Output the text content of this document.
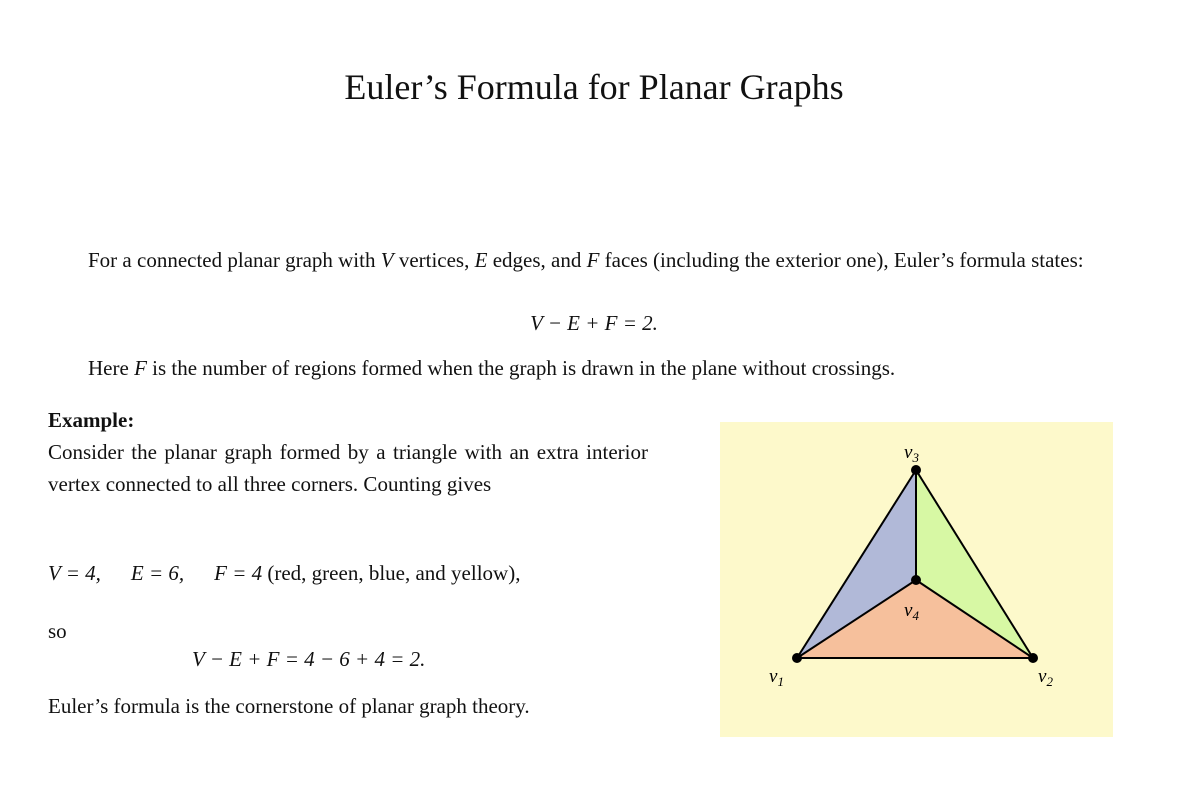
Euler’s Formula for Planar Graphs
For a connected planar graph with V vertices, E edges, and F faces (including the exterior one), Euler’s formula states:
V − E + F = 2.
Here F is the number of regions formed when the graph is drawn in the plane without crossings.
Example:
Consider the planar graph formed by a triangle with an extra interior vertex connected to all three corners. Counting gives
V = 4, E = 6, F = 4 (red, green, blue, and yellow),
so
V − E + F = 4 − 6 + 4 = 2.
Euler’s formula is the cornerstone of planar graph theory.
$v_1$	$v_2$
$v_3$
$v_4$
